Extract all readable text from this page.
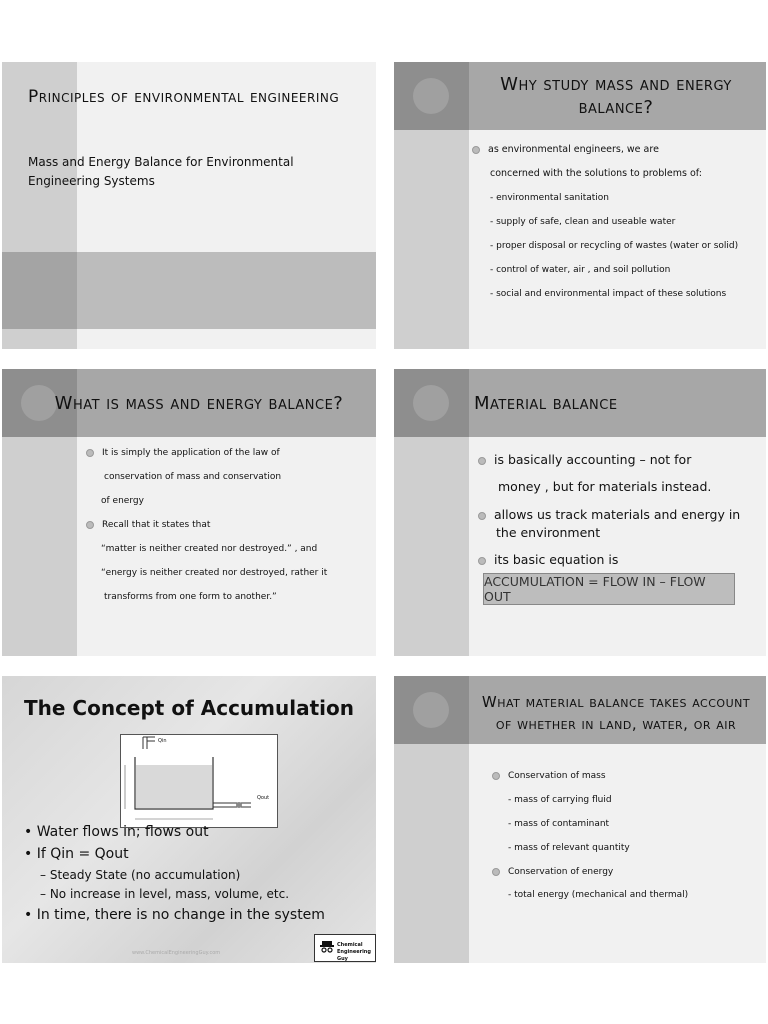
Principles of environmental engineering
Mass and Energy Balance for Environmental Engineering Systems
Why study mass and energy balance?
as environmental engineers, we are
concerned with the solutions to problems of:
- environmental sanitation
- supply of safe, clean and useable water
- proper disposal or recycling of wastes (water or solid)
- control of water, air , and soil pollution
- social and environmental impact of these solutions
What is mass and energy balance?
It is simply the application of the law of
conservation of mass and conservation
of energy
Recall that it states that
“matter is neither created nor destroyed.” , and
“energy is neither created nor destroyed, rather it
transforms from one form to another.”
Material balance
is basically accounting – not for
money , but for materials instead.
allows us track materials and energy in
the environment
its basic equation is
ACCUMULATION = FLOW IN – FLOW OUT
The Concept of Accumulation
Qin
Qout
• Water flows in; flows out
• If Qin = Qout
– Steady State (no accumulation)
– No increase in level, mass, volume, etc.
• In time, there is no change in the system
www.ChemicalEngineeringGuy.com
Chemical Engineering Guy
What material balance takes account of whether in land, water, or air
Conservation of mass
- mass of carrying fluid
- mass of contaminant
- mass of relevant quantity
Conservation of energy
- total energy (mechanical and thermal)
